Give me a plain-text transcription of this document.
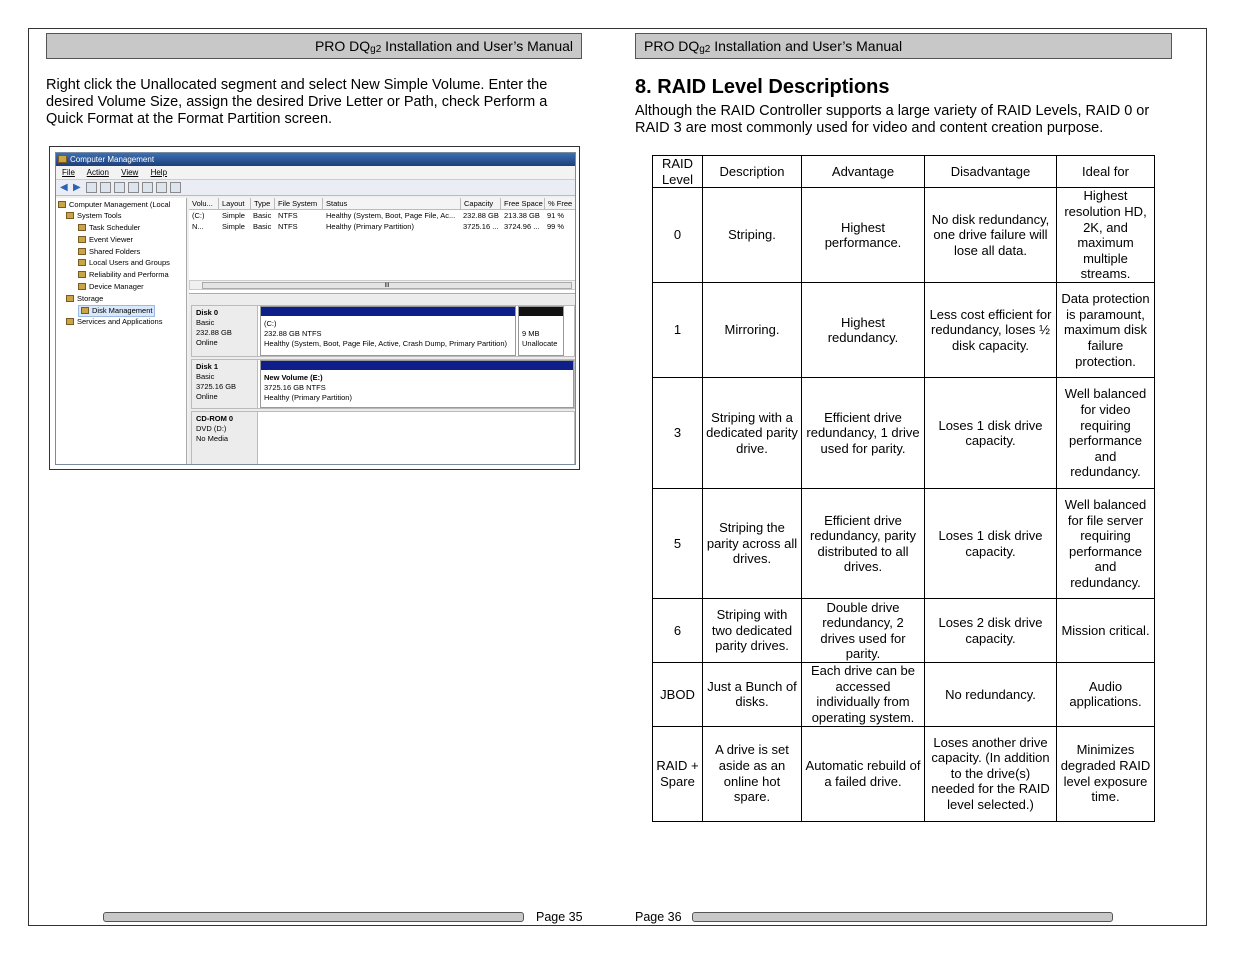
PRO $DQ_{g2}$ Installation and User’s Manual	PRO $DQ_{g2}$ Installation and User’s Manual

Right click the Unallocated segment and select New Simple Volume. Enter the desired Volume Size, assign the desired Drive Letter or Path, check Perform a Quick Format at the Format Partition screen.

Computer Management
File Action View Help
◀ ▶
Computer Management (Local
System Tools
Task Scheduler
Event Viewer
Shared Folders
Local Users and Groups
Reliability and Performa
Device Manager
Storage
Disk Management
Services and Applications
Volu...	Layout	Type	File System	Status	Capacity	Free Space % Free
(C:)	Simple Basic NTFS	Healthy (System, Boot, Page File, Ac...	232.88 GB 213.38 GB 91 %
N...	Simple Basic NTFS	Healthy (Primary Partition)	3725.16 ... 3724.96 ... 99 %
III
Disk 0
Basic
232.88 GB
Online
(C:)
232.88 GB NTFS
Healthy (System, Boot, Page File, Active, Crash Dump, Primary Partition)
9 MB
Unallocate
Disk 1
Basic
3725.16 GB
Online
New Volume (E:)
3725.16 GB NTFS
Healthy (Primary Partition)
CD-ROM 0
DVD (D:)
No Media
8. RAID Level Descriptions

Although the RAID Controller supports a large variety of RAID Levels, RAID 0 or RAID 3 are most commonly used for video and content creation purpose.

RAID Level	Description	Advantage	Disadvantage	Ideal for
0	Striping.	Highest performance.	No disk redundancy, one drive failure will lose all data.	Highest resolution HD, 2K, and maximum multiple streams.
1	Mirroring.	Highest redundancy.	Less cost efficient for redundancy, loses ½ disk capacity.	Data protection is paramount, maximum disk failure protection.
3	Striping with a dedicated parity drive.	Efficient drive redundancy, 1 drive used for parity.	Loses 1 disk drive capacity.	Well balanced for video requiring performance and redundancy.
5	Striping the parity across all drives.	Efficient drive redundancy, parity distributed to all drives.	Loses 1 disk drive capacity.	Well balanced for file server requiring performance and redundancy.
6	Striping with two dedicated parity drives.	Double drive redundancy, 2 drives used for parity.	Loses 2 disk drive capacity.	Mission critical.
JBOD	Just a Bunch of disks.	Each drive can be accessed individually from operating system.	No redundancy.	Audio applications.
RAID + Spare	A drive is set aside as an online hot spare.	Automatic rebuild of a failed drive.	Loses another drive capacity. (In addition to the drive(s) needed for the RAID level selected.)	Minimizes degraded RAID level exposure time.
Page 35	Page 36
